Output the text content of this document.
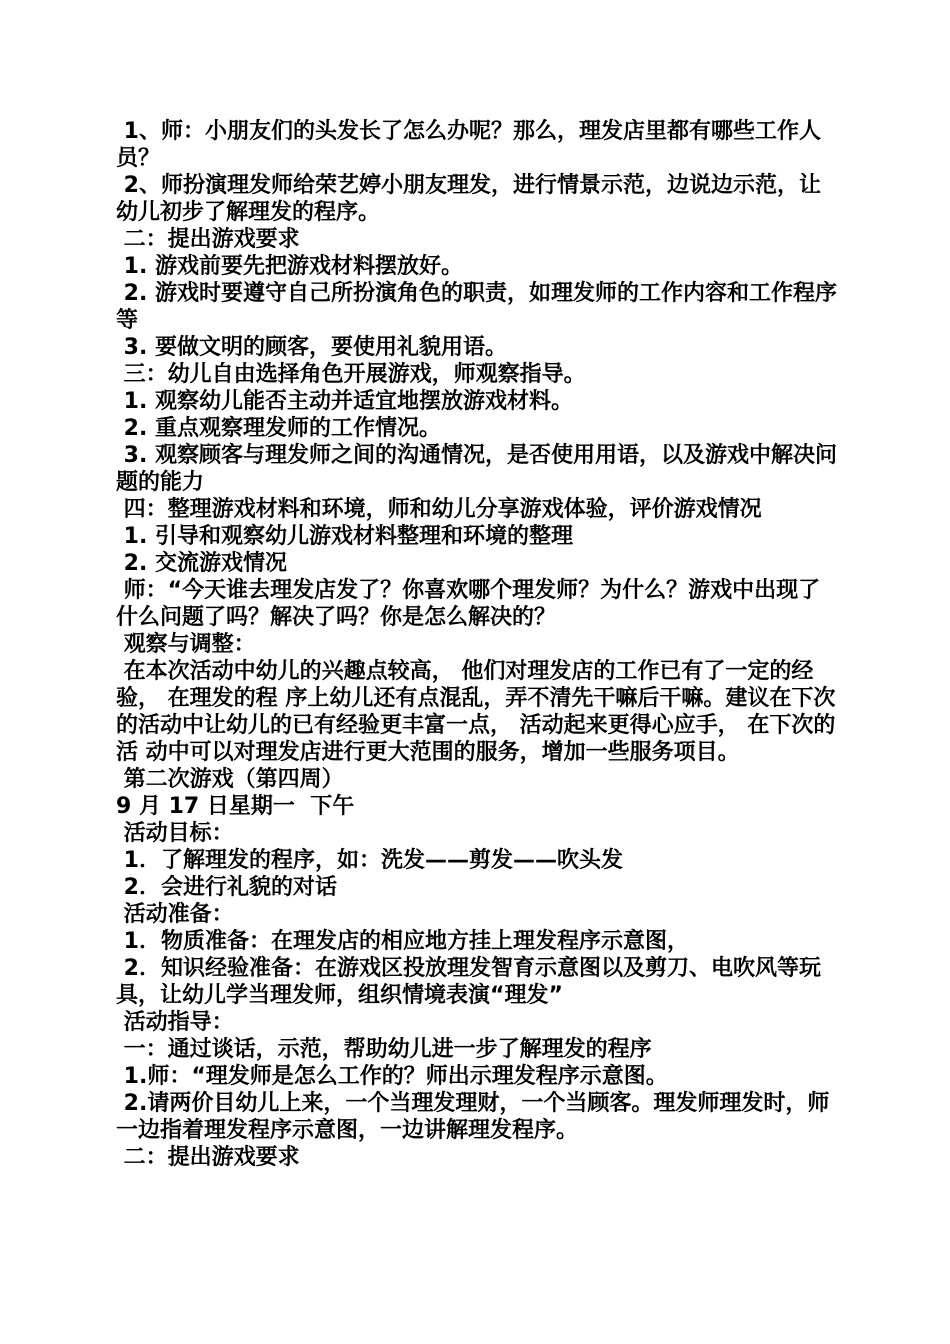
1、师：小朋友们的头发长了怎么办呢？那么，理发店里都有哪些工作人员？
2、师扮演理发师给荣艺婷小朋友理发，进行情景示范，边说边示范，让幼儿初步了解理发的程序。
二：提出游戏要求
1. 游戏前要先把游戏材料摆放好。
2. 游戏时要遵守自己所扮演角色的职责，如理发师的工作内容和工作程序等
3. 要做文明的顾客，要使用礼貌用语。
三：幼儿自由选择角色开展游戏，师观察指导。
1. 观察幼儿能否主动并适宜地摆放游戏材料。
2. 重点观察理发师的工作情况。
3. 观察顾客与理发师之间的沟通情况，是否使用用语，以及游戏中解决问题的能力
四：整理游戏材料和环境，师和幼儿分享游戏体验，评价游戏情况
1. 引导和观察幼儿游戏材料整理和环境的整理
2. 交流游戏情况
师：“今天谁去理发店发了？你喜欢哪个理发师？为什么？游戏中出现了什么问题了吗？解决了吗？你是怎么解决的？
观察与调整：
在本次活动中幼儿的兴趣点较高， 他们对理发店的工作已有了一定的经验， 在理发的程 序上幼儿还有点混乱，弄不清先干嘛后干嘛。建议在下次的活动中让幼儿的已有经验更丰富一点， 活动起来更得心应手， 在下次的活 动中可以对理发店进行更大范围的服务，增加一些服务项目。
第二次游戏（第四周）
9 月 17 日星期一  下午
活动目标：
1．了解理发的程序，如：洗发——剪发——吹头发
2．会进行礼貌的对话
活动准备：
1．物质准备：在理发店的相应地方挂上理发程序示意图，
2．知识经验准备：在游戏区投放理发智育示意图以及剪刀、电吹风等玩具，让幼儿学当理发师，组织情境表演“理发”
活动指导：
一：通过谈话，示范，帮助幼儿进一步了解理发的程序
1.师：“理发师是怎么工作的？师出示理发程序示意图。
2.请两价目幼儿上来，一个当理发理财，一个当顾客。理发师理发时，师一边指着理发程序示意图，一边讲解理发程序。
二：提出游戏要求
